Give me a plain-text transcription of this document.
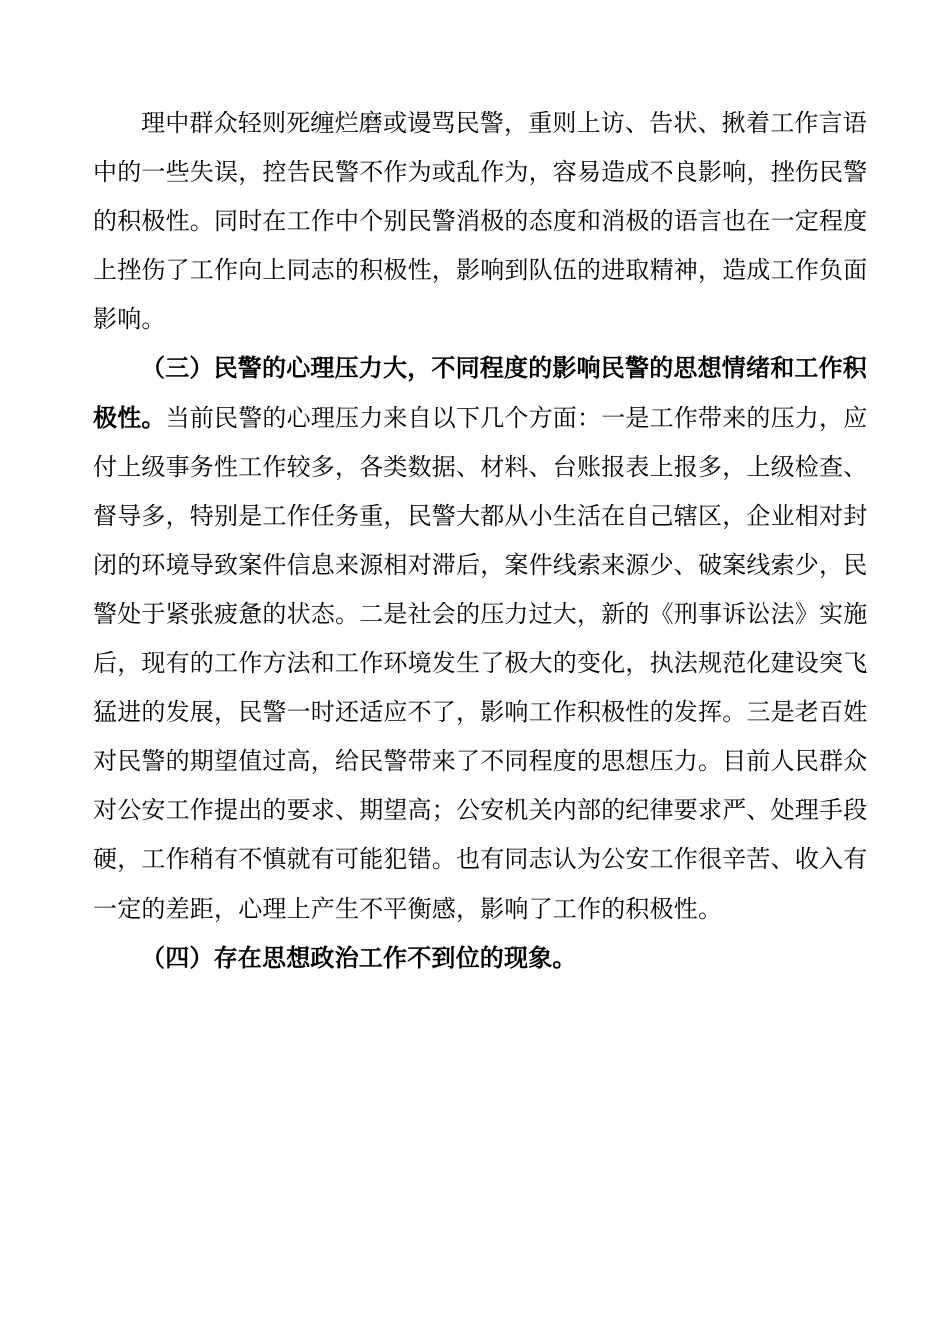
理中群众轻则死缠烂磨或谩骂民警，重则上访、告状、揪着工作言语
中的一些失误，控告民警不作为或乱作为，容易造成不良影响，挫伤民警
的积极性。同时在工作中个别民警消极的态度和消极的语言也在一定程度
上挫伤了工作向上同志的积极性，影响到队伍的进取精神，造成工作负面
影响。
（三）民警的心理压力大，不同程度的影响民警的思想情绪和工作积
极性。当前民警的心理压力来自以下几个方面：一是工作带来的压力，应
付上级事务性工作较多，各类数据、材料、台账报表上报多，上级检查、
督导多，特别是工作任务重，民警大都从小生活在自己辖区，企业相对封
闭的环境导致案件信息来源相对滞后，案件线索来源少、破案线索少，民
警处于紧张疲惫的状态。二是社会的压力过大，新的《刑事诉讼法》实施
后，现有的工作方法和工作环境发生了极大的变化，执法规范化建设突飞
猛进的发展，民警一时还适应不了，影响工作积极性的发挥。三是老百姓
对民警的期望值过高，给民警带来了不同程度的思想压力。目前人民群众
对公安工作提出的要求、期望高；公安机关内部的纪律要求严、处理手段
硬，工作稍有不慎就有可能犯错。也有同志认为公安工作很辛苦、收入有
一定的差距，心理上产生不平衡感，影响了工作的积极性。
（四）存在思想政治工作不到位的现象。
